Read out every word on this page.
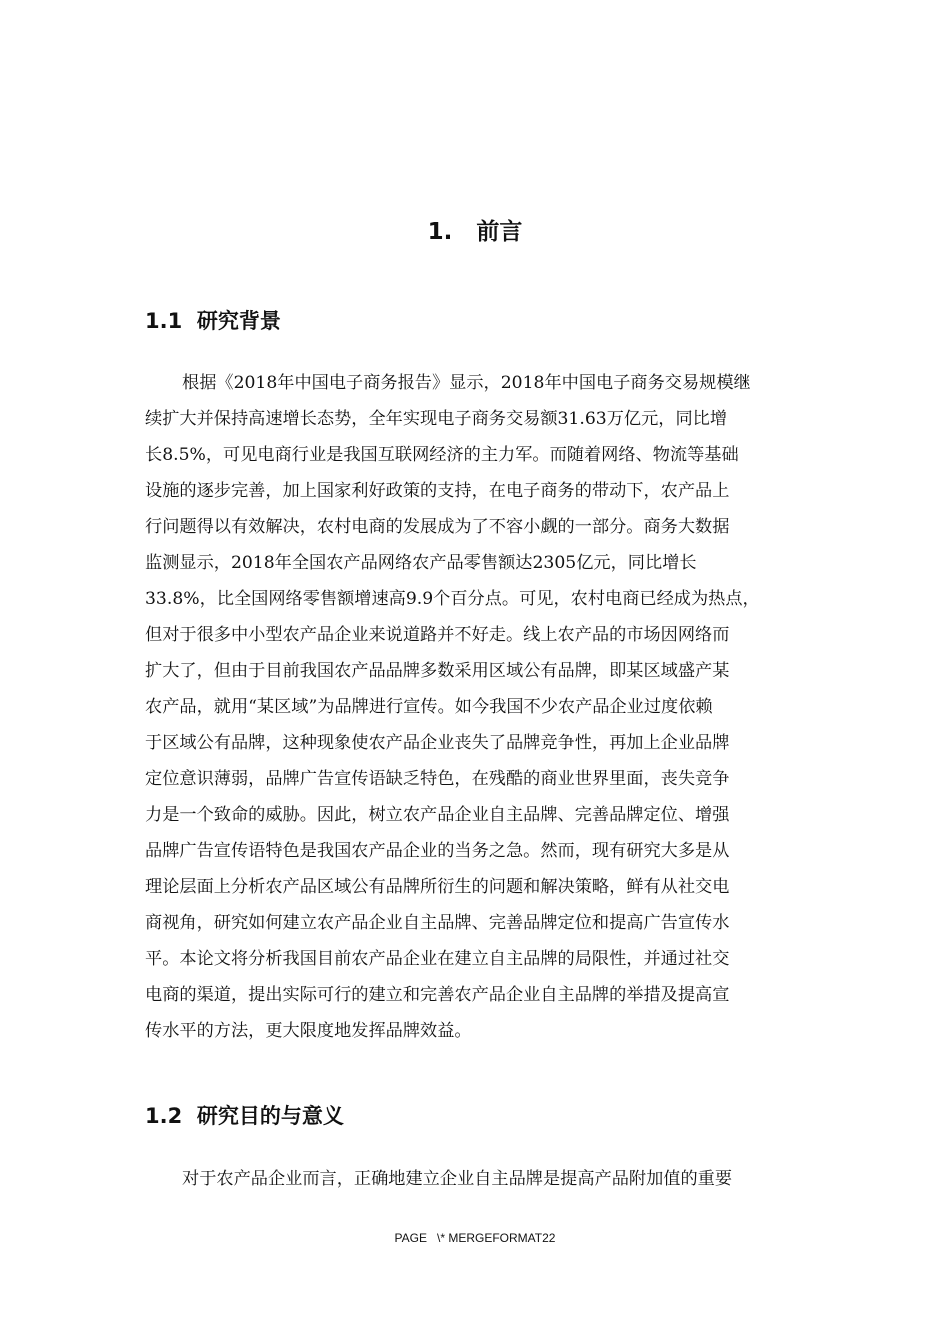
1.   前言
1.1  研究背景
根据《2018年中国电子商务报告》显示，2018年中国电子商务交易规模继
续扩大并保持高速增长态势，全年实现电子商务交易额31.63万亿元，同比增
长8.5%，可见电商行业是我国互联网经济的主力军。而随着网络、物流等基础
设施的逐步完善，加上国家利好政策的支持，在电子商务的带动下，农产品上
行问题得以有效解决，农村电商的发展成为了不容小觑的一部分。商务大数据
监测显示，2018年全国农产品网络农产品零售额达2305亿元，同比增长
33.8%，比全国网络零售额增速高9.9个百分点。可见，农村电商已经成为热点，
但对于很多中小型农产品企业来说道路并不好走。线上农产品的市场因网络而
扩大了，但由于目前我国农产品品牌多数采用区域公有品牌，即某区域盛产某
农产品，就用“某区域”为品牌进行宣传。如今我国不少农产品企业过度依赖
于区域公有品牌，这种现象使农产品企业丧失了品牌竞争性，再加上企业品牌
定位意识薄弱，品牌广告宣传语缺乏特色，在残酷的商业世界里面，丧失竞争
力是一个致命的威胁。因此，树立农产品企业自主品牌、完善品牌定位、增强
品牌广告宣传语特色是我国农产品企业的当务之急。然而，现有研究大多是从
理论层面上分析农产品区域公有品牌所衍生的问题和解决策略，鲜有从社交电
商视角，研究如何建立农产品企业自主品牌、完善品牌定位和提高广告宣传水
平。本论文将分析我国目前农产品企业在建立自主品牌的局限性，并通过社交
电商的渠道，提出实际可行的建立和完善农产品企业自主品牌的举措及提高宣
传水平的方法，更大限度地发挥品牌效益。
1.2  研究目的与意义
对于农产品企业而言，正确地建立企业自主品牌是提高产品附加值的重要
PAGE   \* MERGEFORMAT22
